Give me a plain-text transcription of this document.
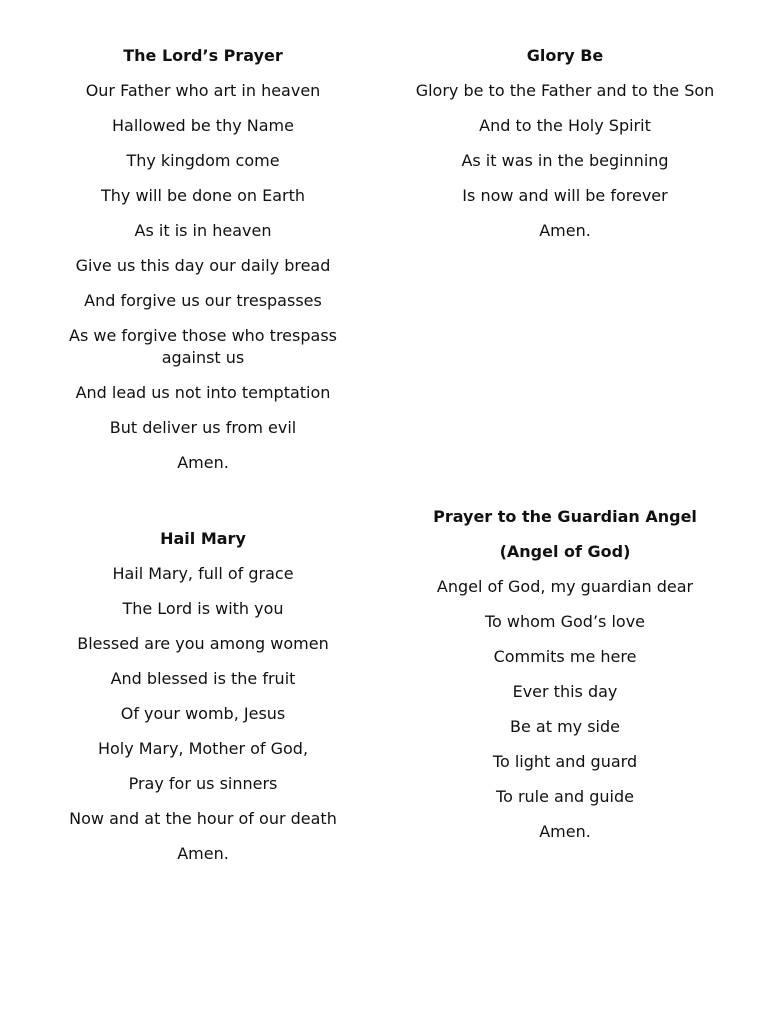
The Lord’s Prayer
Our Father who art in heaven
Hallowed be thy Name
Thy kingdom come
Thy will be done on Earth
As it is in heaven
Give us this day our daily bread
And forgive us our trespasses
As we forgive those who trespass against us
And lead us not into temptation
But deliver us from evil
Amen.
Glory Be
Glory be to the Father and to the Son
And to the Holy Spirit
As it was in the beginning
Is now and will be forever
Amen.
Hail Mary
Hail Mary, full of grace
The Lord is with you
Blessed are you among women
And blessed is the fruit
Of your womb, Jesus
Holy Mary, Mother of God,
Pray for us sinners
Now and at the hour of our death
Amen.
Prayer to the Guardian Angel
(Angel of God)
Angel of God, my guardian dear
To whom God’s love
Commits me here
Ever this day
Be at my side
To light and guard
To rule and guide
Amen.
